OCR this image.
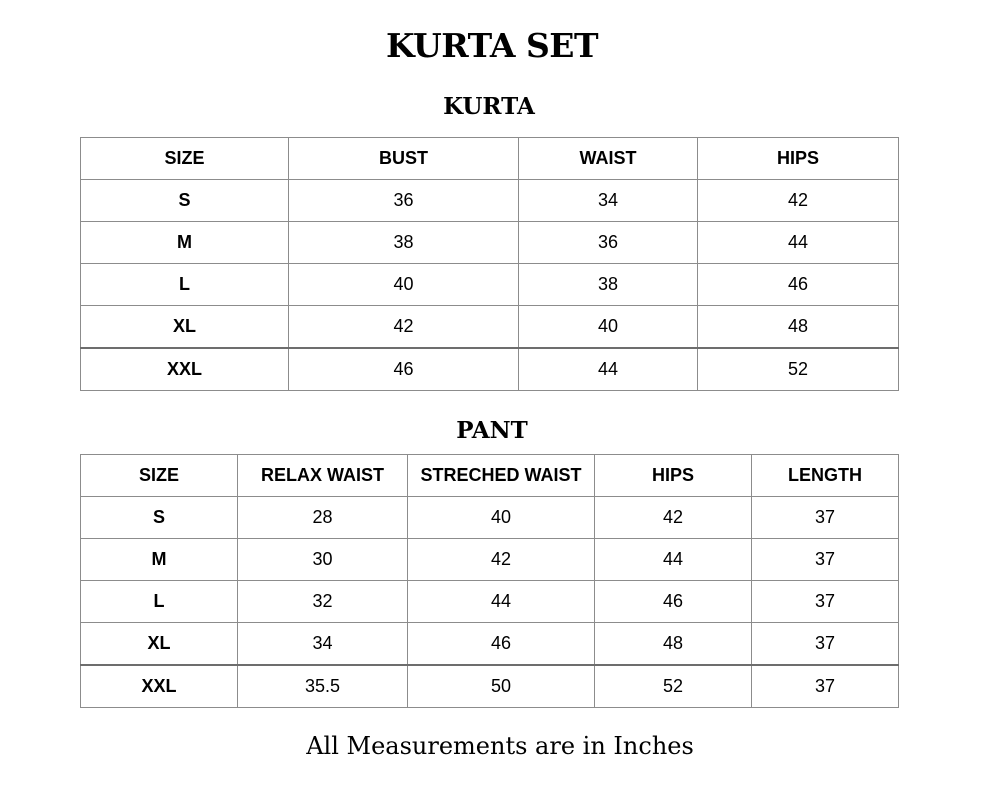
KURTA SET
KURTA
SIZE	BUST	WAIST	HIPS
S	36	34	42
M	38	36	44
L	40	38	46
XL	42	40	48
XXL	46	44	52
PANT
SIZE	RELAX WAIST	STRECHED WAIST	HIPS	LENGTH
S	28	40	42	37
M	30	42	44	37
L	32	44	46	37
XL	34	46	48	37
XXL	35.5	50	52	37

All Measurements are in Inches
